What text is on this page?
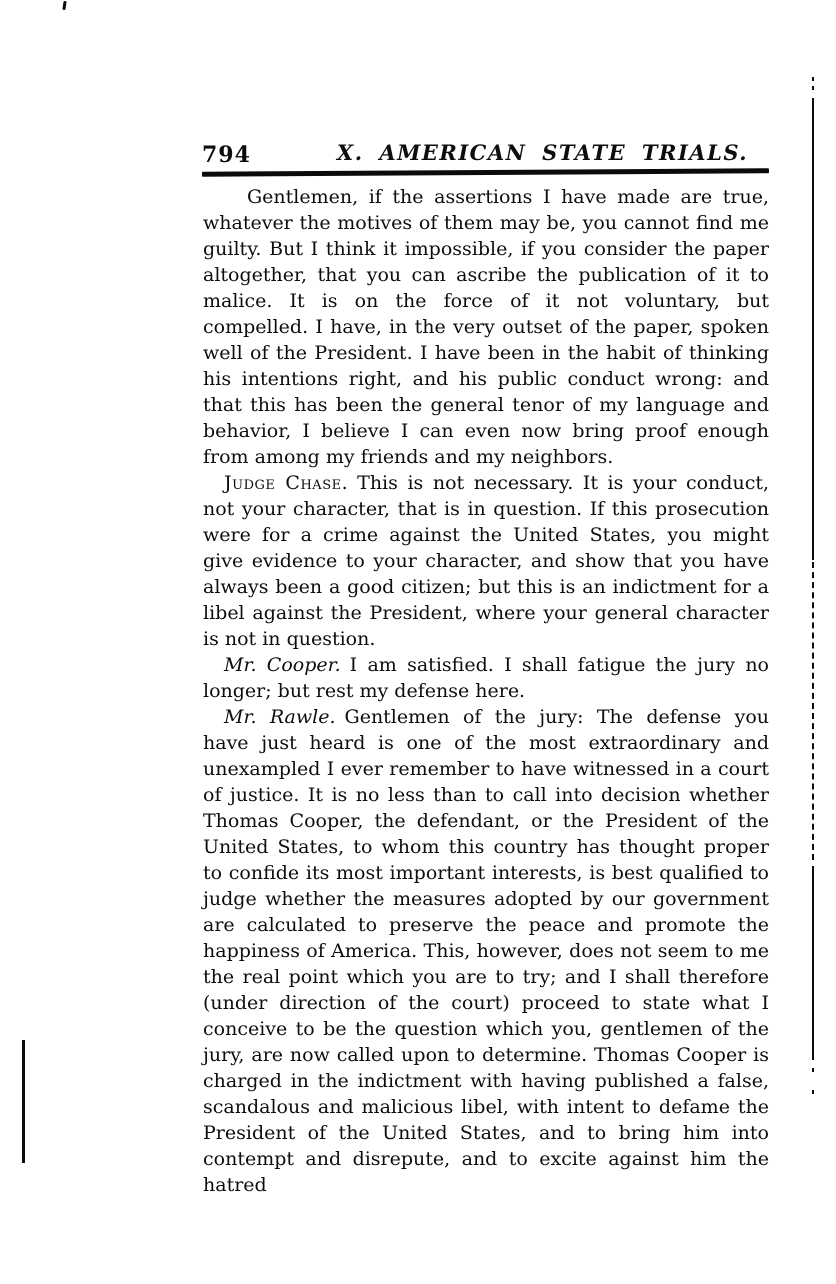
794	X. AMERICAN STATE TRIALS.

Gentlemen, if the assertions I have made are true, whatever the motives of them may be, you cannot find me guilty. But I think it impossible, if you consider the paper altogether, that you can ascribe the publication of it to malice. It is on the force of it not voluntary, but compelled. I have, in the very outset of the paper, spoken well of the President. I have been in the habit of thinking his intentions right, and his public conduct wrong: and that this has been the general tenor of my language and behavior, I believe I can even now bring proof enough from among my friends and my neighbors.

Judge Chase. This is not necessary. It is your conduct, not your character, that is in question. If this prosecution were for a crime against the United States, you might give evidence to your character, and show that you have always been a good citizen; but this is an indictment for a libel against the President, where your general character is not in question.

Mr. Cooper. I am satisfied. I shall fatigue the jury no longer; but rest my defense here.

Mr. Rawle. Gentlemen of the jury: The defense you have just heard is one of the most extraordinary and unexampled I ever remember to have witnessed in a court of justice. It is no less than to call into decision whether Thomas Cooper, the defendant, or the President of the United States, to whom this country has thought proper to confide its most important interests, is best qualified to judge whether the measures adopted by our government are calculated to preserve the peace and promote the happiness of America. This, however, does not seem to me the real point which you are to try; and I shall therefore (under direction of the court) proceed to state what I conceive to be the question which you, gentlemen of the jury, are now called upon to determine. Thomas Cooper is charged in the indictment with having published a false, scandalous and malicious libel, with intent to defame the President of the United States, and to bring him into contempt and disrepute, and to excite against him the hatred
